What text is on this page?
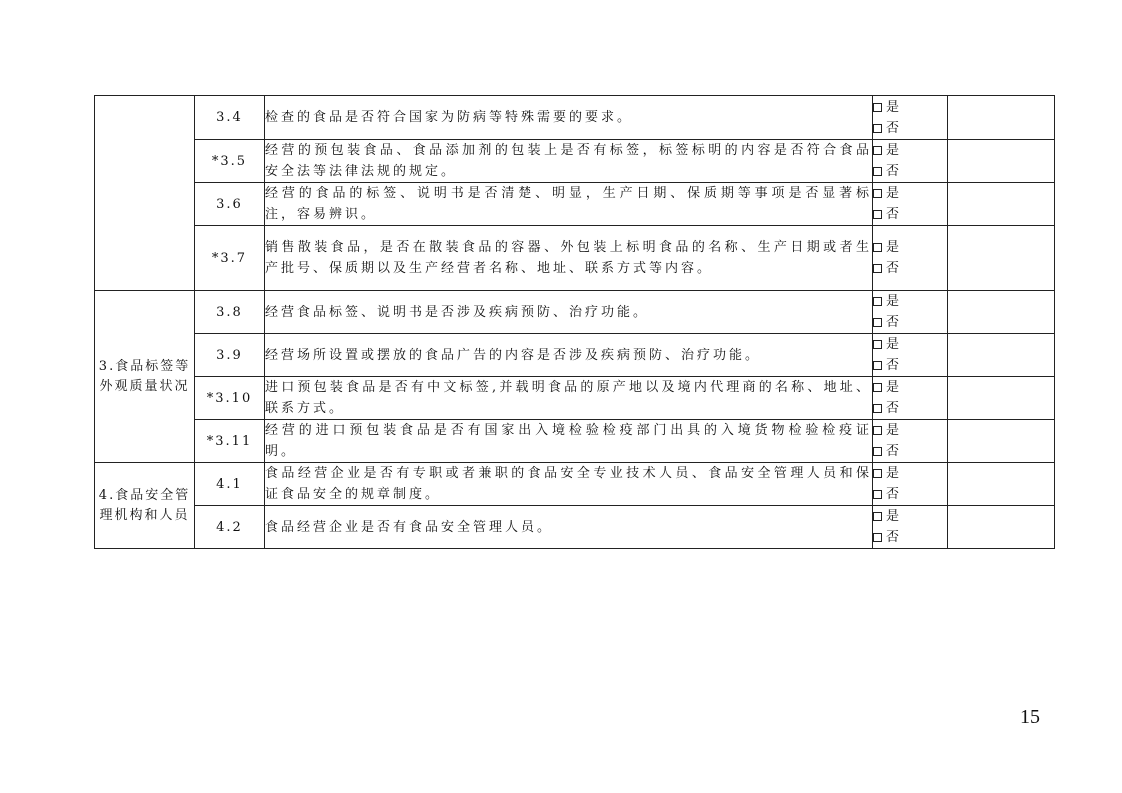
	3.4	检查的食品是否符合国家为防病等特殊需要的要求。	是
否	

	*3.5	经营的预包装食品、食品添加剂的包装上是否有标签，标签标明的内容是否符合食品安全法等法律法规的规定。	是
否	

	3.6	经营的食品的标签、说明书是否清楚、明显，生产日期、保质期等事项是否显著标注，容易辨识。	是
否	

	*3.7	销售散装食品，是否在散装食品的容器、外包装上标明食品的名称、生产日期或者生产批号、保质期以及生产经营者名称、地址、联系方式等内容。	是
否	

3.食品标签等外观质量状况	3.8	经营食品标签、说明书是否涉及疾病预防、治疗功能。	是
否	

	3.9	经营场所设置或摆放的食品广告的内容是否涉及疾病预防、治疗功能。	是
否	

	*3.10	进口预包装食品是否有中文标签,并载明食品的原产地以及境内代理商的名称、地址、联系方式。	是
否	

	*3.11	经营的进口预包装食品是否有国家出入境检验检疫部门出具的入境货物检验检疫证明。	是
否	

4.食品安全管理机构和人员	4.1	食品经营企业是否有专职或者兼职的食品安全专业技术人员、食品安全管理人员和保证食品安全的规章制度。	是
否	

	4.2	食品经营企业是否有食品安全管理人员。	是
否	

15
